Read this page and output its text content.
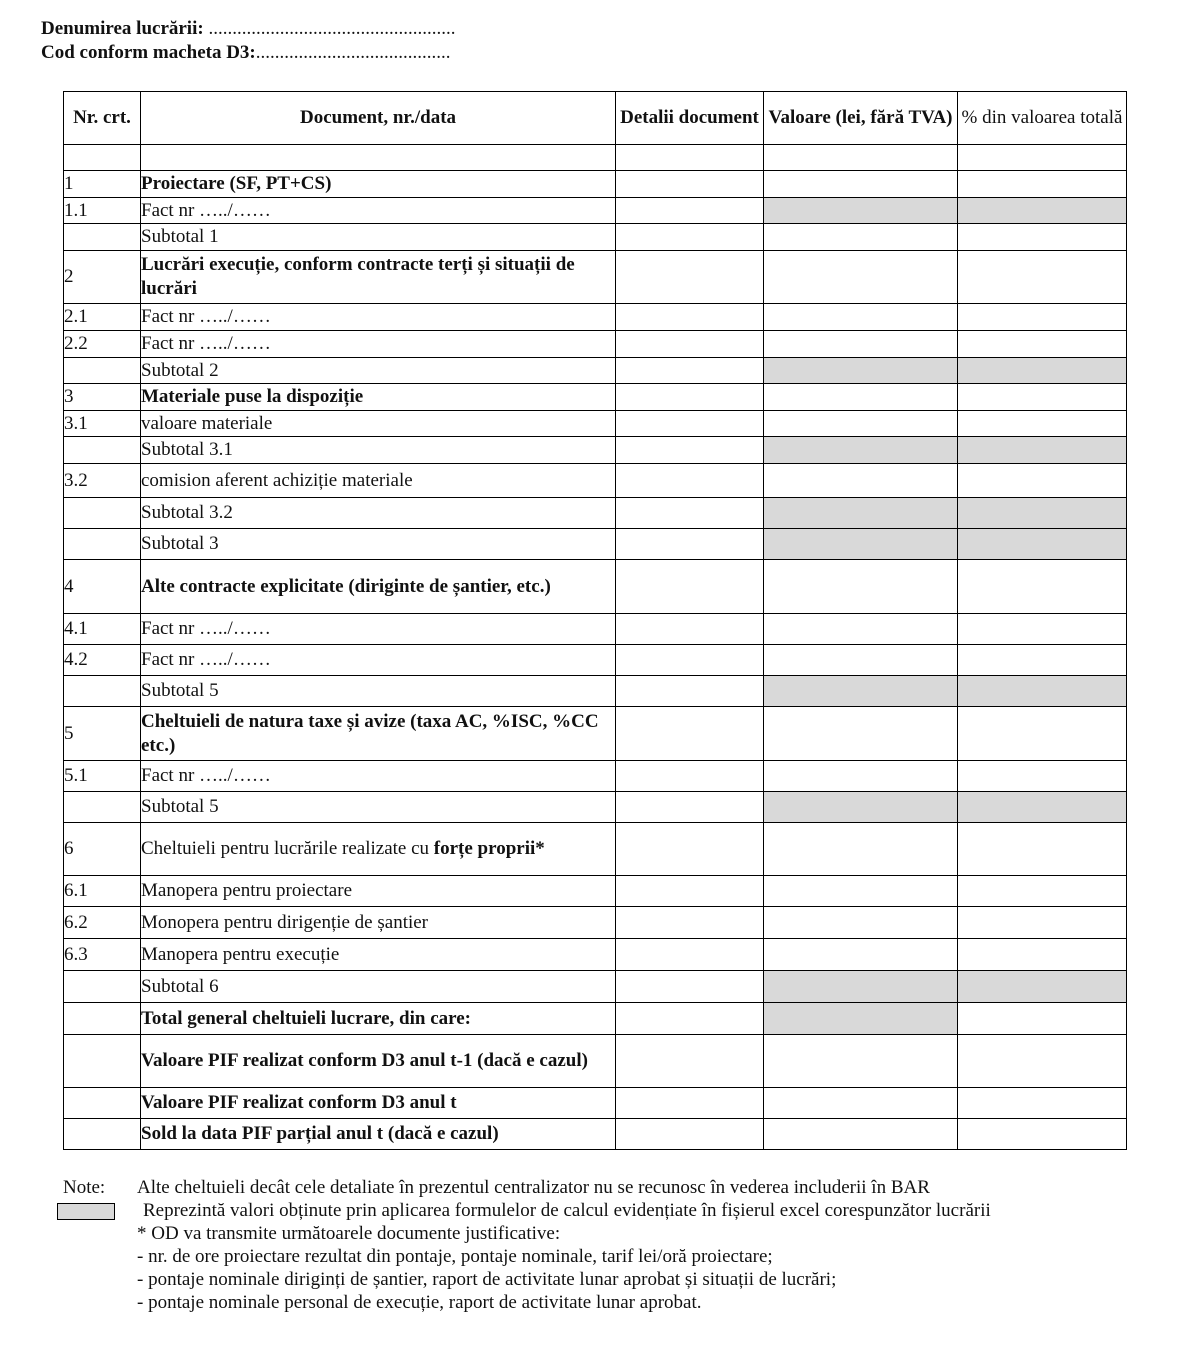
Denumirea lucrării: ....................................................
Cod conform macheta D3:.........................................
Nr. crt.	Document, nr./data	Detalii document	Valoare (lei, fără TVA)	% din valoarea totală

1	Proiectare (SF, PT+CS)			
1.1	Fact nr …../……			
	Subtotal 1			
2	Lucrări execuție, conform contracte terți și situații de lucrări			
2.1	Fact nr …../……			
2.2	Fact nr …../……			
	Subtotal 2			
3	Materiale puse la dispoziție			
3.1	valoare materiale			
	Subtotal 3.1			
3.2	comision aferent achiziție materiale			
	Subtotal 3.2			
	Subtotal 3			
4	Alte contracte explicitate (diriginte de șantier, etc.)			
4.1	Fact nr …../……			
4.2	Fact nr …../……			
	Subtotal 5			
5	Cheltuieli de natura taxe și avize (taxa AC, %ISC, %CC etc.)			
5.1	Fact nr …../……			
	Subtotal 5			
6	Cheltuieli pentru lucrările realizate cu forțe proprii*			
6.1	Manopera pentru proiectare			
6.2	Monopera pentru dirigenție de șantier			
6.3	Manopera pentru execuție			
	Subtotal 6			
	Total general cheltuieli lucrare, din care:			
	Valoare PIF realizat conform D3 anul t-1 (dacă e cazul)			
	Valoare PIF realizat conform D3 anul t			
	Sold la data PIF parțial anul t (dacă e cazul)			
Note: Alte cheltuieli decât cele detaliate în prezentul centralizator nu se recunosc în vederea includerii în BAR
Reprezintă valori obținute prin aplicarea formulelor de calcul evidențiate în fișierul excel corespunzător lucrării
* OD va transmite următoarele documente justificative:
- nr. de ore proiectare rezultat din pontaje, pontaje nominale, tarif lei/oră proiectare;
- pontaje nominale diriginți de șantier, raport de activitate lunar aprobat și situații de lucrări;
- pontaje nominale personal de execuție, raport de activitate lunar aprobat.
